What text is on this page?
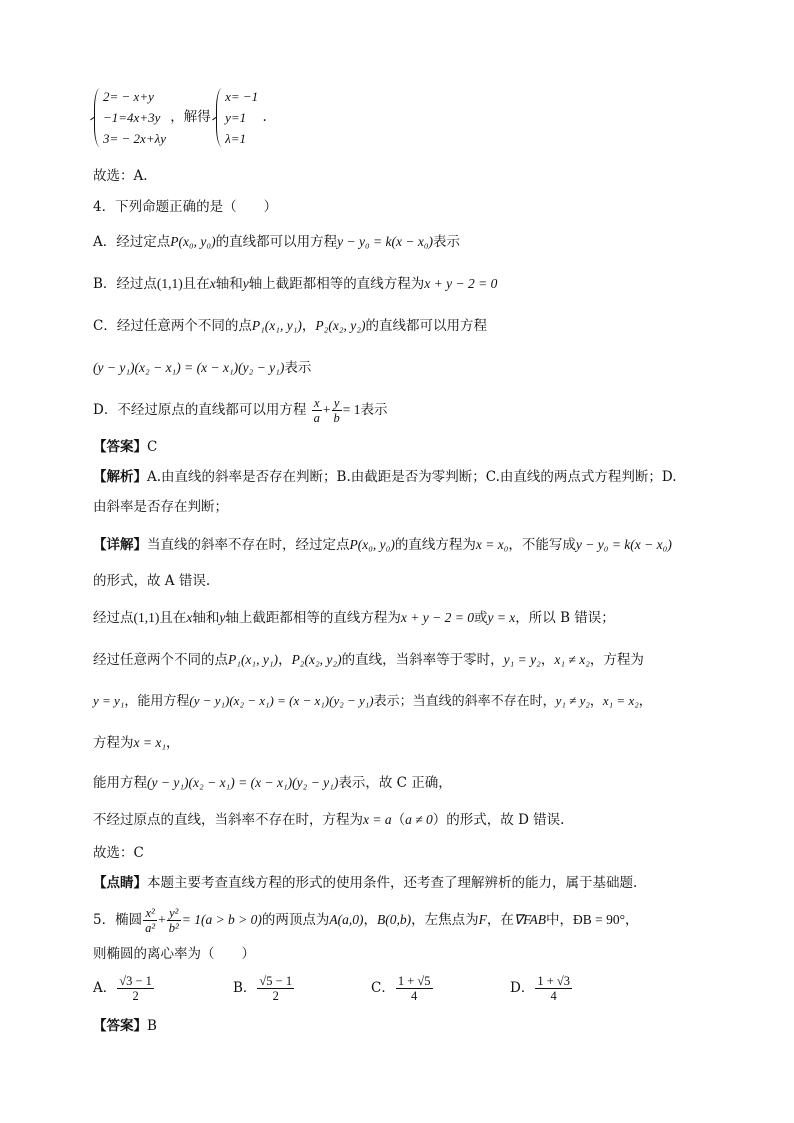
2= − x+y
−1=4x+3y
3= − 2x+λy
，解得
x= −1
y=1
λ=1
.
故选：A.
4．下列命题正确的是（　　）
A．经过定点P(x₀, y₀)的直线都可以用方程y − y₀ = k(x − x₀)表示
B．经过点(1,1)且在x轴和y轴上截距都相等的直线方程为x + y − 2 = 0
C．经过任意两个不同的点P₁(x₁, y₁)，P₂(x₂, y₂)的直线都可以用方程
(y − y₁)(x₂ − x₁) = (x − x₁)(y₂ − y₁)表示
D．不经过原点的直线都可以用方程 $\frac{x}{a} + \frac{y}{b} = 1$表示
【答案】C
【解析】A.由直线的斜率是否存在判断；B.由截距是否为零判断；C.由直线的两点式方程判断；D.
由斜率是否存在判断；
【详解】当直线的斜率不存在时，经过定点P(x₀, y₀)的直线方程为x = x₀，不能写成y − y₀ = k(x − x₀)
的形式，故 A 错误.
经过点(1,1)且在x轴和y轴上截距都相等的直线方程为x + y − 2 = 0或y = x，所以 B 错误；
经过任意两个不同的点P₁(x₁, y₁)，P₂(x₂, y₂)的直线，当斜率等于零时，y₁ = y₂，x₁ ≠ x₂，方程为
y = y₁，能用方程(y − y₁)(x₂ − x₁) = (x − x₁)(y₂ − y₁)表示；当直线的斜率不存在时，y₁ ≠ y₂，x₁ = x₂，
方程为x = x₁，
能用方程(y − y₁)(x₂ − x₁) = (x − x₁)(y₂ − y₁)表示，故 C 正确，
不经过原点的直线，当斜率不存在时，方程为x = a（a ≠ 0）的形式，故 D 错误.
故选：C
【点睛】本题主要考查直线方程的形式的使用条件，还考查了理解辨析的能力，属于基础题.
5．椭圆 $\frac{\text{x²}}{\text{a²}} + \frac{\text{y²}}{\text{b²}} = 1(a > b > 0)$的两顶点为A(a,0)，B(0,b)，左焦点为F，在∇FAB中，ÐB = 90°，
则椭圆的离心率为（　　）
A． $\frac{√3 - 1}{2}$	B． $\frac{√5 - 1}{2}$	C． $\frac{1 + √5}{4}$	D． $\frac{1 + √3}{4}$
【答案】B
